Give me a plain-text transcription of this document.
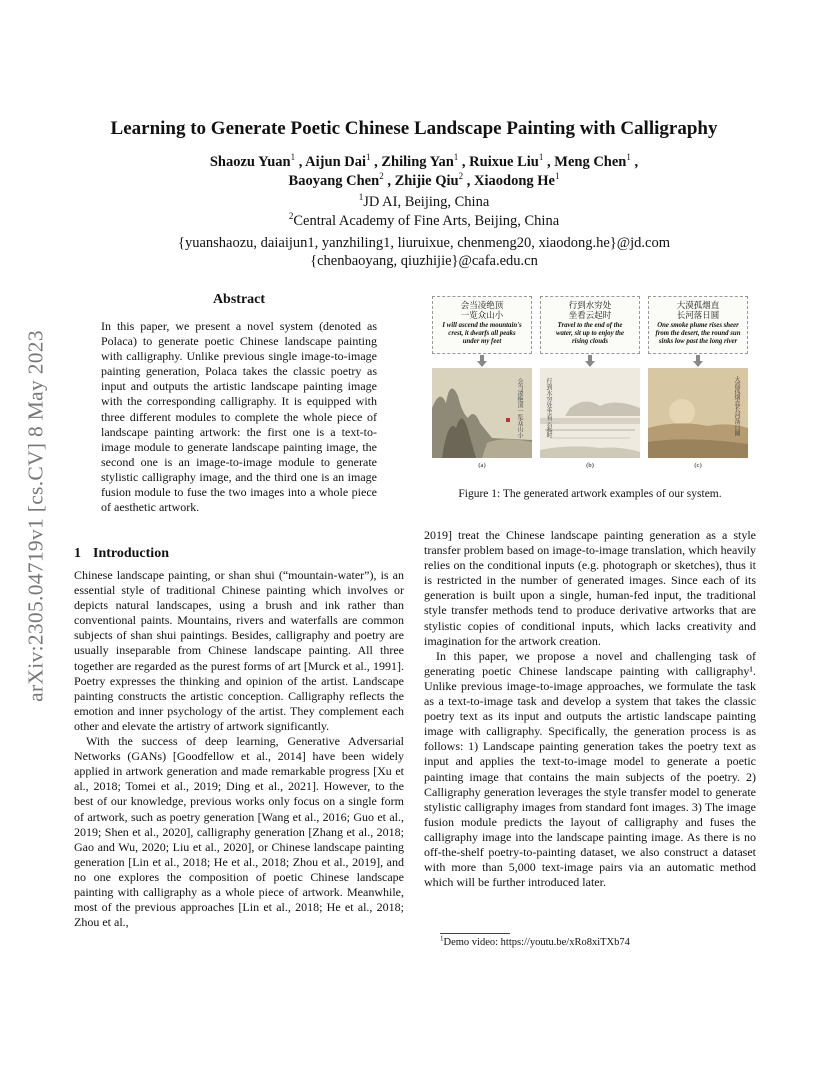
arXiv:2305.04719v1 [cs.CV] 8 May 2023
Learning to Generate Poetic Chinese Landscape Painting with Calligraphy
Shaozu Yuan$^1$ , Aijun Dai$^1$ , Zhiling Yan$^1$ , Ruixue Liu$^1$ , Meng Chen$^1$ ,
Baoyang Chen$^2$ , Zhijie Qiu$^2$ , Xiaodong He$^1$
$^1$JD AI, Beijing, China
$^2$Central Academy of Fine Arts, Beijing, China
{yuanshaozu, daiaijun1, yanzhiling1, liuruixue, chenmeng20, xiaodong.he}@jd.com
{chenbaoyang, qiuzhijie}@cafa.edu.cn
Abstract
In this paper, we present a novel system (denoted as Polaca) to generate poetic Chinese landscape painting with calligraphy. Unlike previous single image-to-image painting generation, Polaca takes the classic poetry as input and outputs the artistic landscape painting image with the corresponding calligraphy. It is equipped with three different modules to complete the whole piece of landscape painting artwork: the first one is a text-to-image module to generate landscape painting image, the second one is an image-to-image module to generate stylistic calligraphy image, and the third one is an image fusion module to fuse the two images into a whole piece of aesthetic artwork.
1 Introduction

Chinese landscape painting, or shan shui (“mountain-water”), is an essential style of traditional Chinese painting which involves or depicts natural landscapes, using a brush and ink rather than conventional paints. Mountains, rivers and waterfalls are common subjects of shan shui paintings. Besides, calligraphy and poetry are usually inseparable from Chinese landscape painting. All three together are regarded as the purest forms of art [Murck et al., 1991]. Poetry expresses the thinking and opinion of the artist. Landscape painting constructs the artistic conception. Calligraphy reflects the emotion and inner psychology of the artist. They complement each other and elevate the artistry of artwork significantly.

With the success of deep learning, Generative Adversarial Networks (GANs) [Goodfellow et al., 2014] have been widely applied in artwork generation and made remarkable progress [Xu et al., 2018; Tomei et al., 2019; Ding et al., 2021]. However, to the best of our knowledge, previous works only focus on a single form of artwork, such as poetry generation [Wang et al., 2016; Guo et al., 2019; Shen et al., 2020], calligraphy generation [Zhang et al., 2018; Gao and Wu, 2020; Liu et al., 2020], or Chinese landscape painting generation [Lin et al., 2018; He et al., 2018; Zhou et al., 2019], and no one explores the composition of poetic Chinese landscape painting with calligraphy as a whole piece of artwork. Meanwhile, most of the previous approaches [Lin et al., 2018; He et al., 2018; Zhou et al.,

会当凌绝顶
一览众山小
I will ascend the mountain's
crest, it dwarfs all peaks
under my feet
会当凌绝顶一览众山小
(a)
行到水穷处
坐看云起时
Travel to the end of the
water, sit up to enjoy the
rising clouds
行到水穷处坐看云起时
(b)
大漠孤烟直
长河落日圆
One smoke plume rises sheer
from the desert, the round sun
sinks low past the long river
大漠孤烟直长河落日圆
(c)
Figure 1: The generated artwork examples of our system.

2019] treat the Chinese landscape painting generation as a style transfer problem based on image-to-image translation, which heavily relies on the conditional inputs (e.g. photograph or sketches), thus it is restricted in the number of generated images. Since each of its generation is built upon a single, human-fed input, the traditional style transfer methods tend to produce derivative artworks that are stylistic copies of conditional inputs, which lacks creativity and imagination for the artwork creation.

In this paper, we propose a novel and challenging task of generating poetic Chinese landscape painting with calligraphy¹. Unlike previous image-to-image approaches, we formulate the task as a text-to-image task and develop a system that takes the classic poetry text as its input and outputs the artistic landscape painting image with calligraphy. Specifically, the generation process is as follows: 1) Landscape painting generation takes the poetry text as input and applies the text-to-image model to generate a poetic painting image that contains the main subjects of the poetry. 2) Calligraphy generation leverages the style transfer model to generate stylistic calligraphy images from standard font images. 3) The image fusion module predicts the layout of calligraphy and fuses the calligraphy image into the landscape painting image. As there is no off-the-shelf poetry-to-painting dataset, we also construct a dataset with more than 5,000 text-image pairs via an automatic method which will be further introduced later.

$^1$Demo video: https://youtu.be/xRo8xiTXb74
